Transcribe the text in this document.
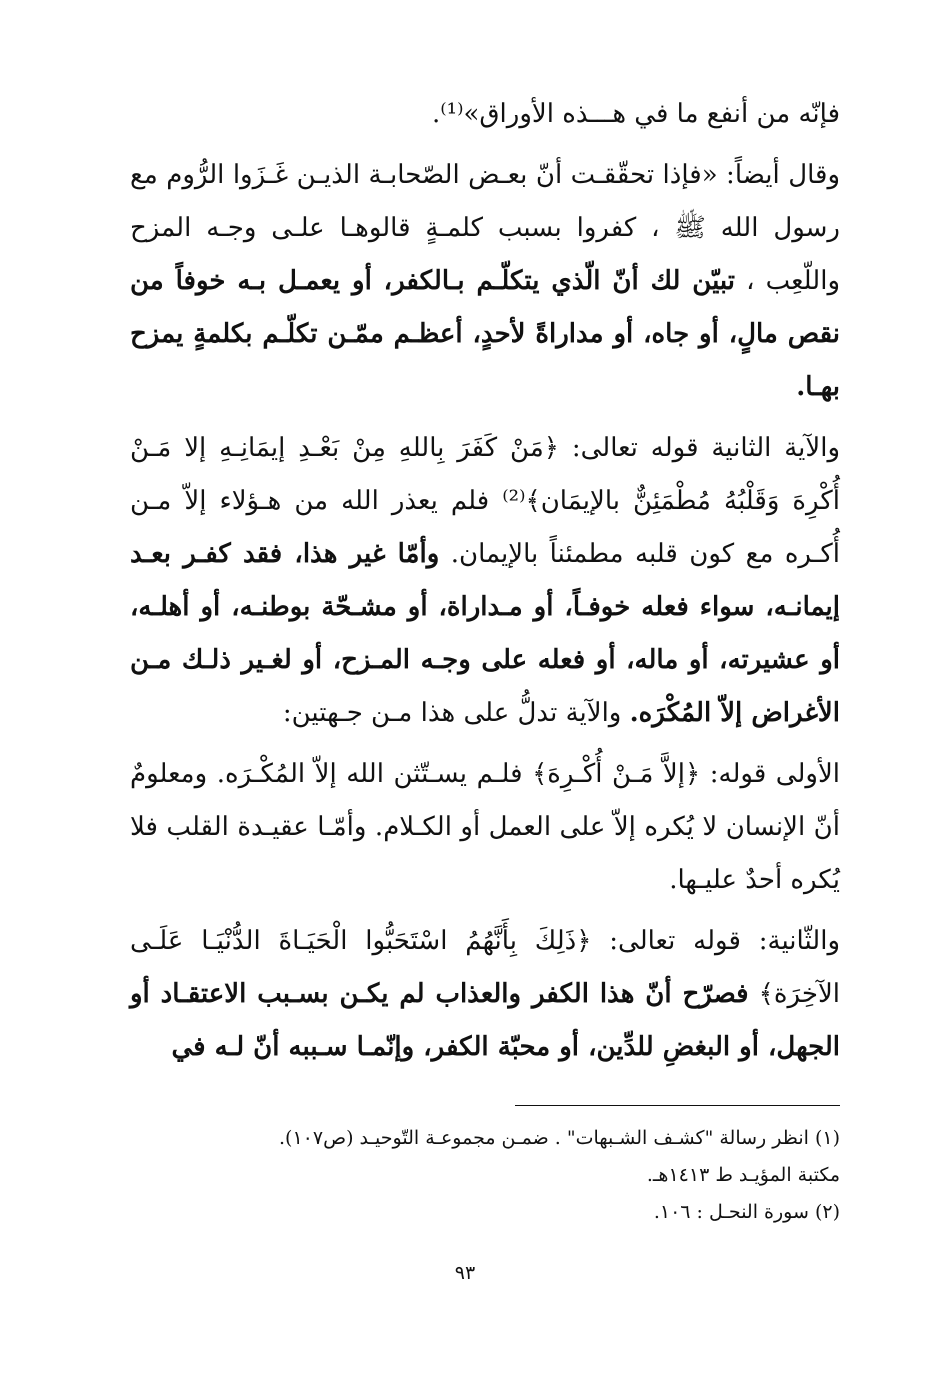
فإنّه من أنفع ما في هـــذه الأوراق»⁽¹⁾.
وقال أيضاً: «فإذا تحقّقـت أنّ بعـض الصّحابـة الذيـن غَـزَوا الرُّوم مع رسول الله ﷺ ، كفروا بسبب كلمـةٍ قالوهـا علـى وجـه المزح واللّعِب ، تبيّن لك أنّ الّذي يتكلّـم بـالكفر، أو يعمـل بـه خوفاً من نقص مالٍ، أو جاه، أو مداراةً لأحدٍ، أعظـم ممّـن تكلّـم بكلمةٍ يمزح بهـا.
والآية الثانية قوله تعالى: ﴿مَنْ كَفَرَ بِاللهِ مِنْ بَعْـدِ إيمَانِـهِ إلا مَـنْ أُكْرِهَ وَقَلْبُهُ مُطْمَئِنٌّ بالإيمَان﴾⁽²⁾ فلم يعذر الله من هـؤلاء إلاّ مـن أُكـره مع كون قلبه مطمئناً بالإيمان. وأمّا غير هذا، فقد كفـر بعـد إيمانـه، سواء فعله خوفـاً، أو مـداراة، أو مشـحّة بوطنـه، أو أهلـه، أو عشيرته، أو ماله، أو فعله على وجـه المـزح، أو لغـير ذلـك مـن الأغراض إلاّ المُكْرَه. والآية تدلُّ على هذا مـن جـهتين:
الأولى قوله: ﴿إلاَّ مَـنْ أُكْـرِهَ﴾ فلـم يسـتّثن الله إلاّ المُكْـرَه. ومعلومٌ أنّ الإنسان لا يُكره إلاّ على العمل أو الكـلام. وأمّـا عقيـدة القلب فلا يُكره أحدٌ عليـها.
والثّانية: قوله تعالى: ﴿ذَلِكَ بِأَنَّهُمُ اسْتَحَبُّوا الْحَيَـاةَ الدُّنْيَـا عَلَـى الآخِرَة﴾ فصرّح أنّ هذا الكفر والعذاب لم يكـن بسـبب الاعتقـاد أو الجهل، أو البغضِ للدِّين، أو محبّة الكفر، وإنّمـا سـببه أنّ لـه في
(١) انظر رسالة "كشـف الشـبهات" . ضمـن مجموعـة التّوحيـد (ص١٠٧).
مكتبة المؤيـد ط ١٤١٣هـ.
(٢) سورة النحـل : ١٠٦.
٩٣
